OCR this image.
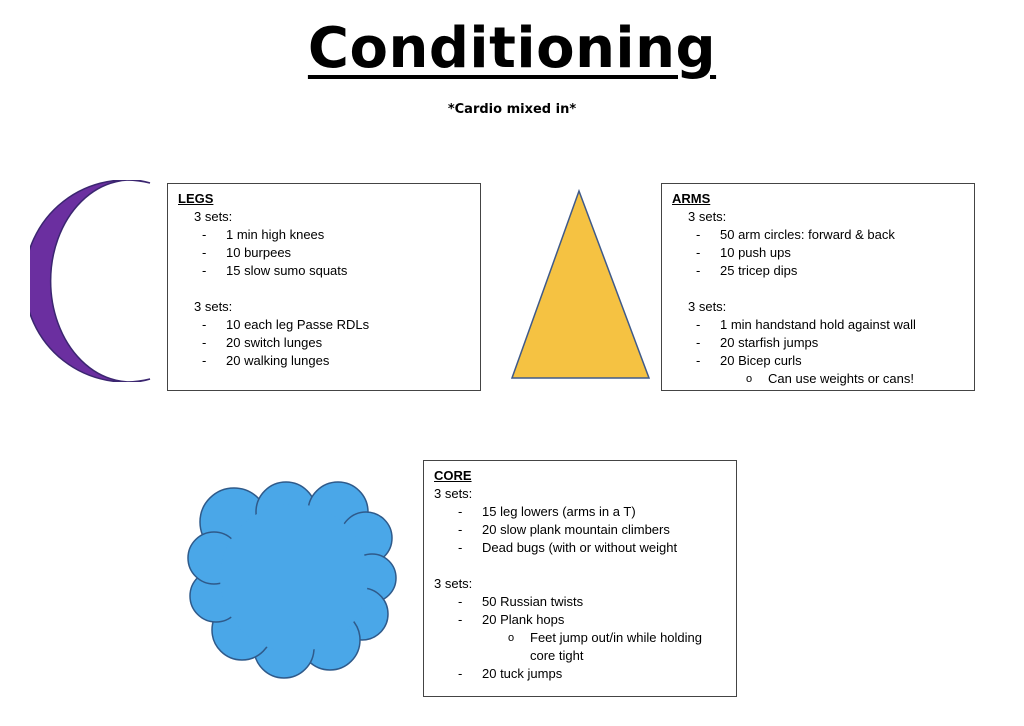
Conditioning
*Cardio mixed in*
LEGS
3 sets:
- 1 min high knees
- 10 burpees
- 15 slow sumo squats
3 sets:
- 10 each leg Passe RDLs
- 20 switch lunges
- 20 walking lunges
ARMS
3 sets:
- 50 arm circles: forward & back
- 10 push ups
- 25 tricep dips
3 sets:
- 1 min handstand hold against wall
- 20 starfish jumps
- 20 Bicep curls
o Can use weights or cans!
CORE
3 sets:
- 15 leg lowers (arms in a T)
- 20 slow plank mountain climbers
- Dead bugs (with or without weight
3 sets:
- 50 Russian twists
- 20 Plank hops
o Feet jump out/in while holding
core tight
- 20 tuck jumps
